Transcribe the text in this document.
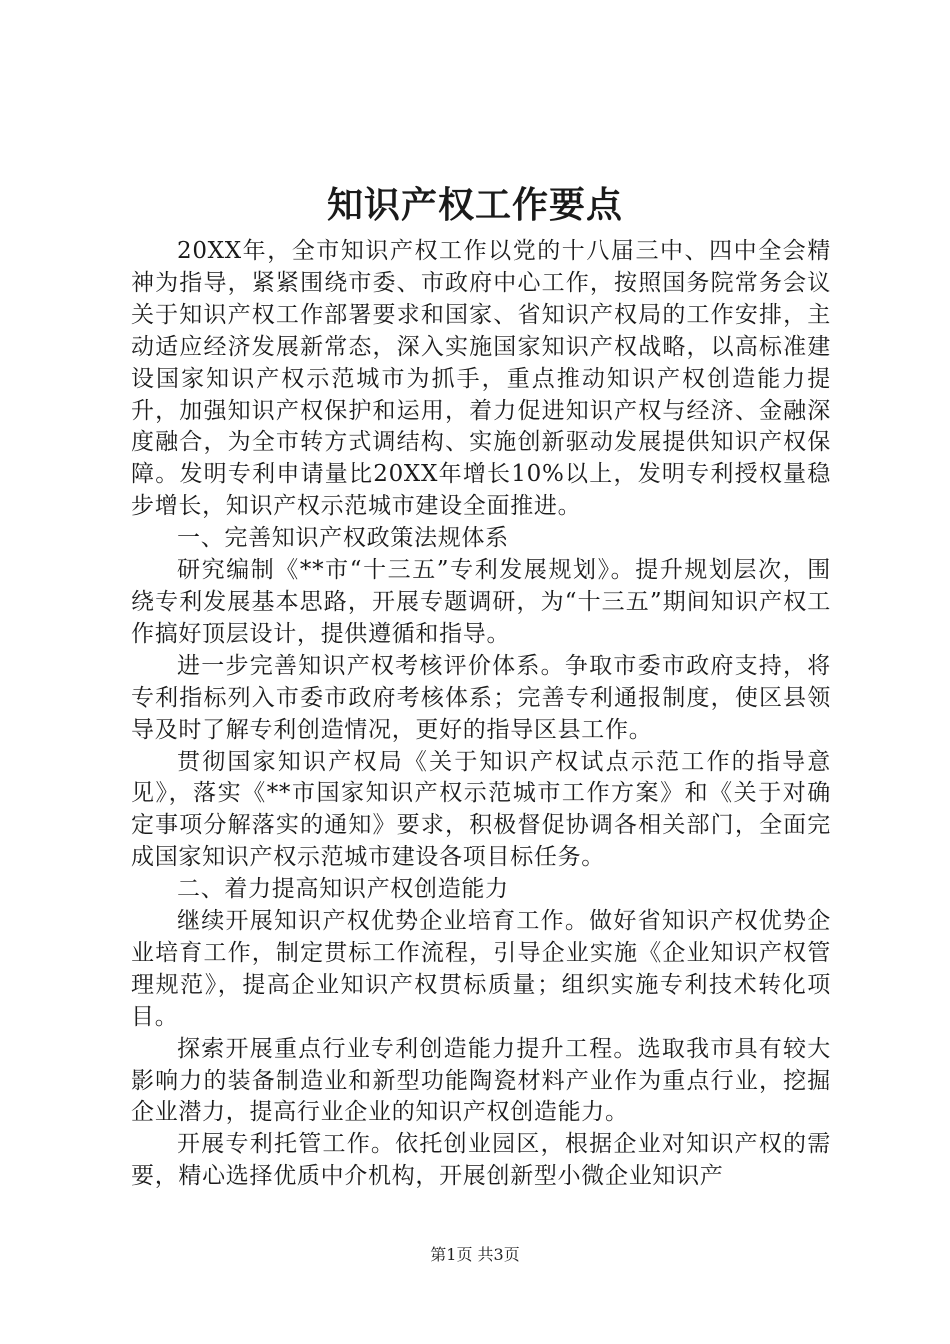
知识产权工作要点

20XX年，全市知识产权工作以党的十八届三中、四中全会精神为指导，紧紧围绕市委、市政府中心工作，按照国务院常务会议关于知识产权工作部署要求和国家、省知识产权局的工作安排，主动适应经济发展新常态，深入实施国家知识产权战略，以高标准建设国家知识产权示范城市为抓手，重点推动知识产权创造能力提升，加强知识产权保护和运用，着力促进知识产权与经济、金融深度融合，为全市转方式调结构、实施创新驱动发展提供知识产权保障。发明专利申请量比20XX年增长10%以上，发明专利授权量稳步增长，知识产权示范城市建设全面推进。

一、完善知识产权政策法规体系

研究编制《**市“十三五”专利发展规划》。提升规划层次，围绕专利发展基本思路，开展专题调研，为“十三五”期间知识产权工作搞好顶层设计，提供遵循和指导。

进一步完善知识产权考核评价体系。争取市委市政府支持，将专利指标列入市委市政府考核体系；完善专利通报制度，使区县领导及时了解专利创造情况，更好的指导区县工作。

贯彻国家知识产权局《关于知识产权试点示范工作的指导意见》，落实《**市国家知识产权示范城市工作方案》和《关于对确定事项分解落实的通知》要求，积极督促协调各相关部门，全面完成国家知识产权示范城市建设各项目标任务。

二、着力提高知识产权创造能力

继续开展知识产权优势企业培育工作。做好省知识产权优势企业培育工作，制定贯标工作流程，引导企业实施《企业知识产权管理规范》，提高企业知识产权贯标质量；组织实施专利技术转化项目。

探索开展重点行业专利创造能力提升工程。选取我市具有较大影响力的装备制造业和新型功能陶瓷材料产业作为重点行业，挖掘企业潜力，提高行业企业的知识产权创造能力。

开展专利托管工作。依托创业园区，根据企业对知识产权的需要，精心选择优质中介机构，开展创新型小微企业知识产

第1页 共3页
